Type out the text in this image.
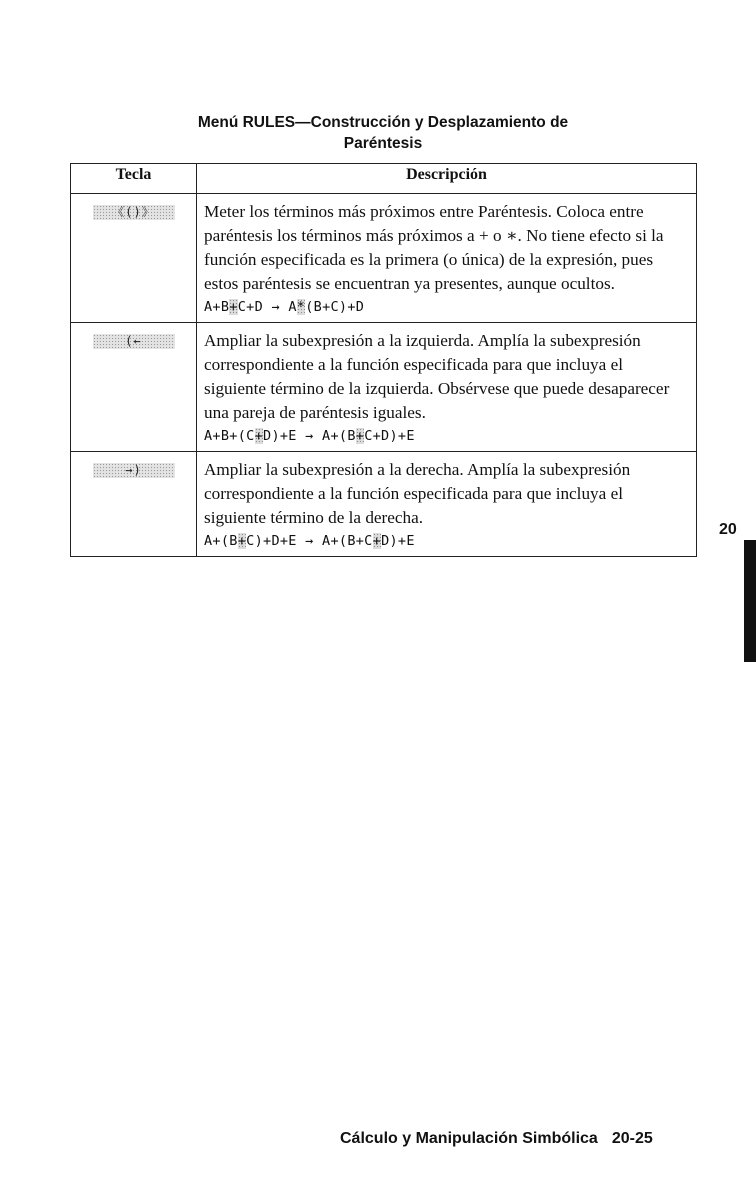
Menú RULES—Construcción y Desplazamiento de
Paréntesis
Tecla	Descripción
《()》	Meter los términos más próximos entre Paréntesis. Coloca entre paréntesis los términos más próximos a + o ∗. No tiene efecto si la función especificada es la primera (o única) de la expresión, pues estos paréntesis se encuentran ya presentes, aunque ocultos.
A+B+C+D → A*(B+C)+D

(←	Ampliar la subexpresión a la izquierda. Amplía la subexpresión correspondiente a la función especificada para que incluya el siguiente término de la izquierda. Obsérvese que puede desaparecer una pareja de paréntesis iguales.
A+B+(C+D)+E → A+(B+C+D)+E

→)	Ampliar la subexpresión a la derecha. Amplía la subexpresión correspondiente a la función especificada para que incluya el siguiente término de la derecha.
A+(B+C)+D+E → A+(B+C+D)+E
20
Cálculo y Manipulación Simbólica 20-25
